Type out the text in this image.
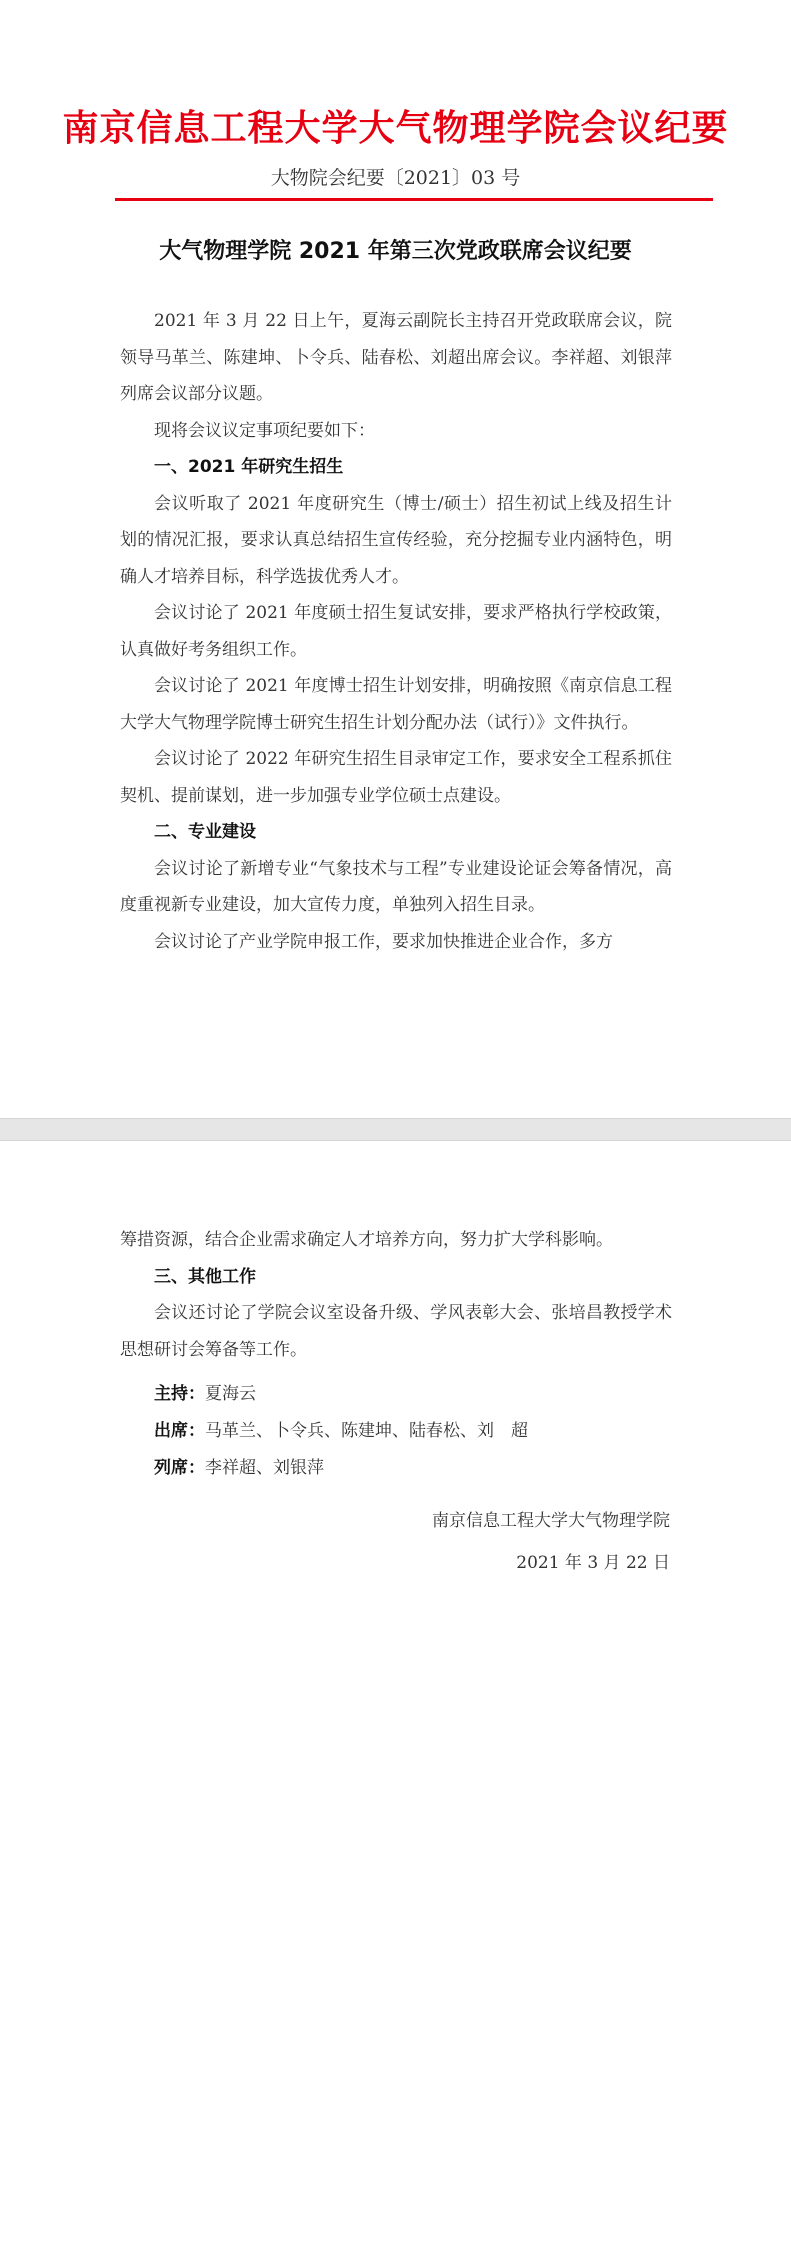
南京信息工程大学大气物理学院会议纪要
大物院会纪要〔2021〕03 号
大气物理学院 2021 年第三次党政联席会议纪要

2021 年 3 月 22 日上午，夏海云副院长主持召开党政联席会议，院领导马革兰、陈建坤、卜令兵、陆春松、刘超出席会议。李祥超、刘银萍列席会议部分议题。

现将会议议定事项纪要如下：

一、2021 年研究生招生

会议听取了 2021 年度研究生（博士/硕士）招生初试上线及招生计划的情况汇报，要求认真总结招生宣传经验，充分挖掘专业内涵特色，明确人才培养目标，科学选拔优秀人才。

会议讨论了 2021 年度硕士招生复试安排，要求严格执行学校政策，认真做好考务组织工作。

会议讨论了 2021 年度博士招生计划安排，明确按照《南京信息工程大学大气物理学院博士研究生招生计划分配办法（试行）》文件执行。

会议讨论了 2022 年研究生招生目录审定工作，要求安全工程系抓住契机、提前谋划，进一步加强专业学位硕士点建设。

二、专业建设

会议讨论了新增专业“气象技术与工程”专业建设论证会筹备情况，高度重视新专业建设，加大宣传力度，单独列入招生目录。

会议讨论了产业学院申报工作，要求加快推进企业合作，多方

筹措资源，结合企业需求确定人才培养方向，努力扩大学科影响。

三、其他工作

会议还讨论了学院会议室设备升级、学风表彰大会、张培昌教授学术思想研讨会筹备等工作。

主持：夏海云

出席：马革兰、卜令兵、陈建坤、陆春松、刘　超

列席：李祥超、刘银萍

南京信息工程大学大气物理学院
2021 年 3 月 22 日
